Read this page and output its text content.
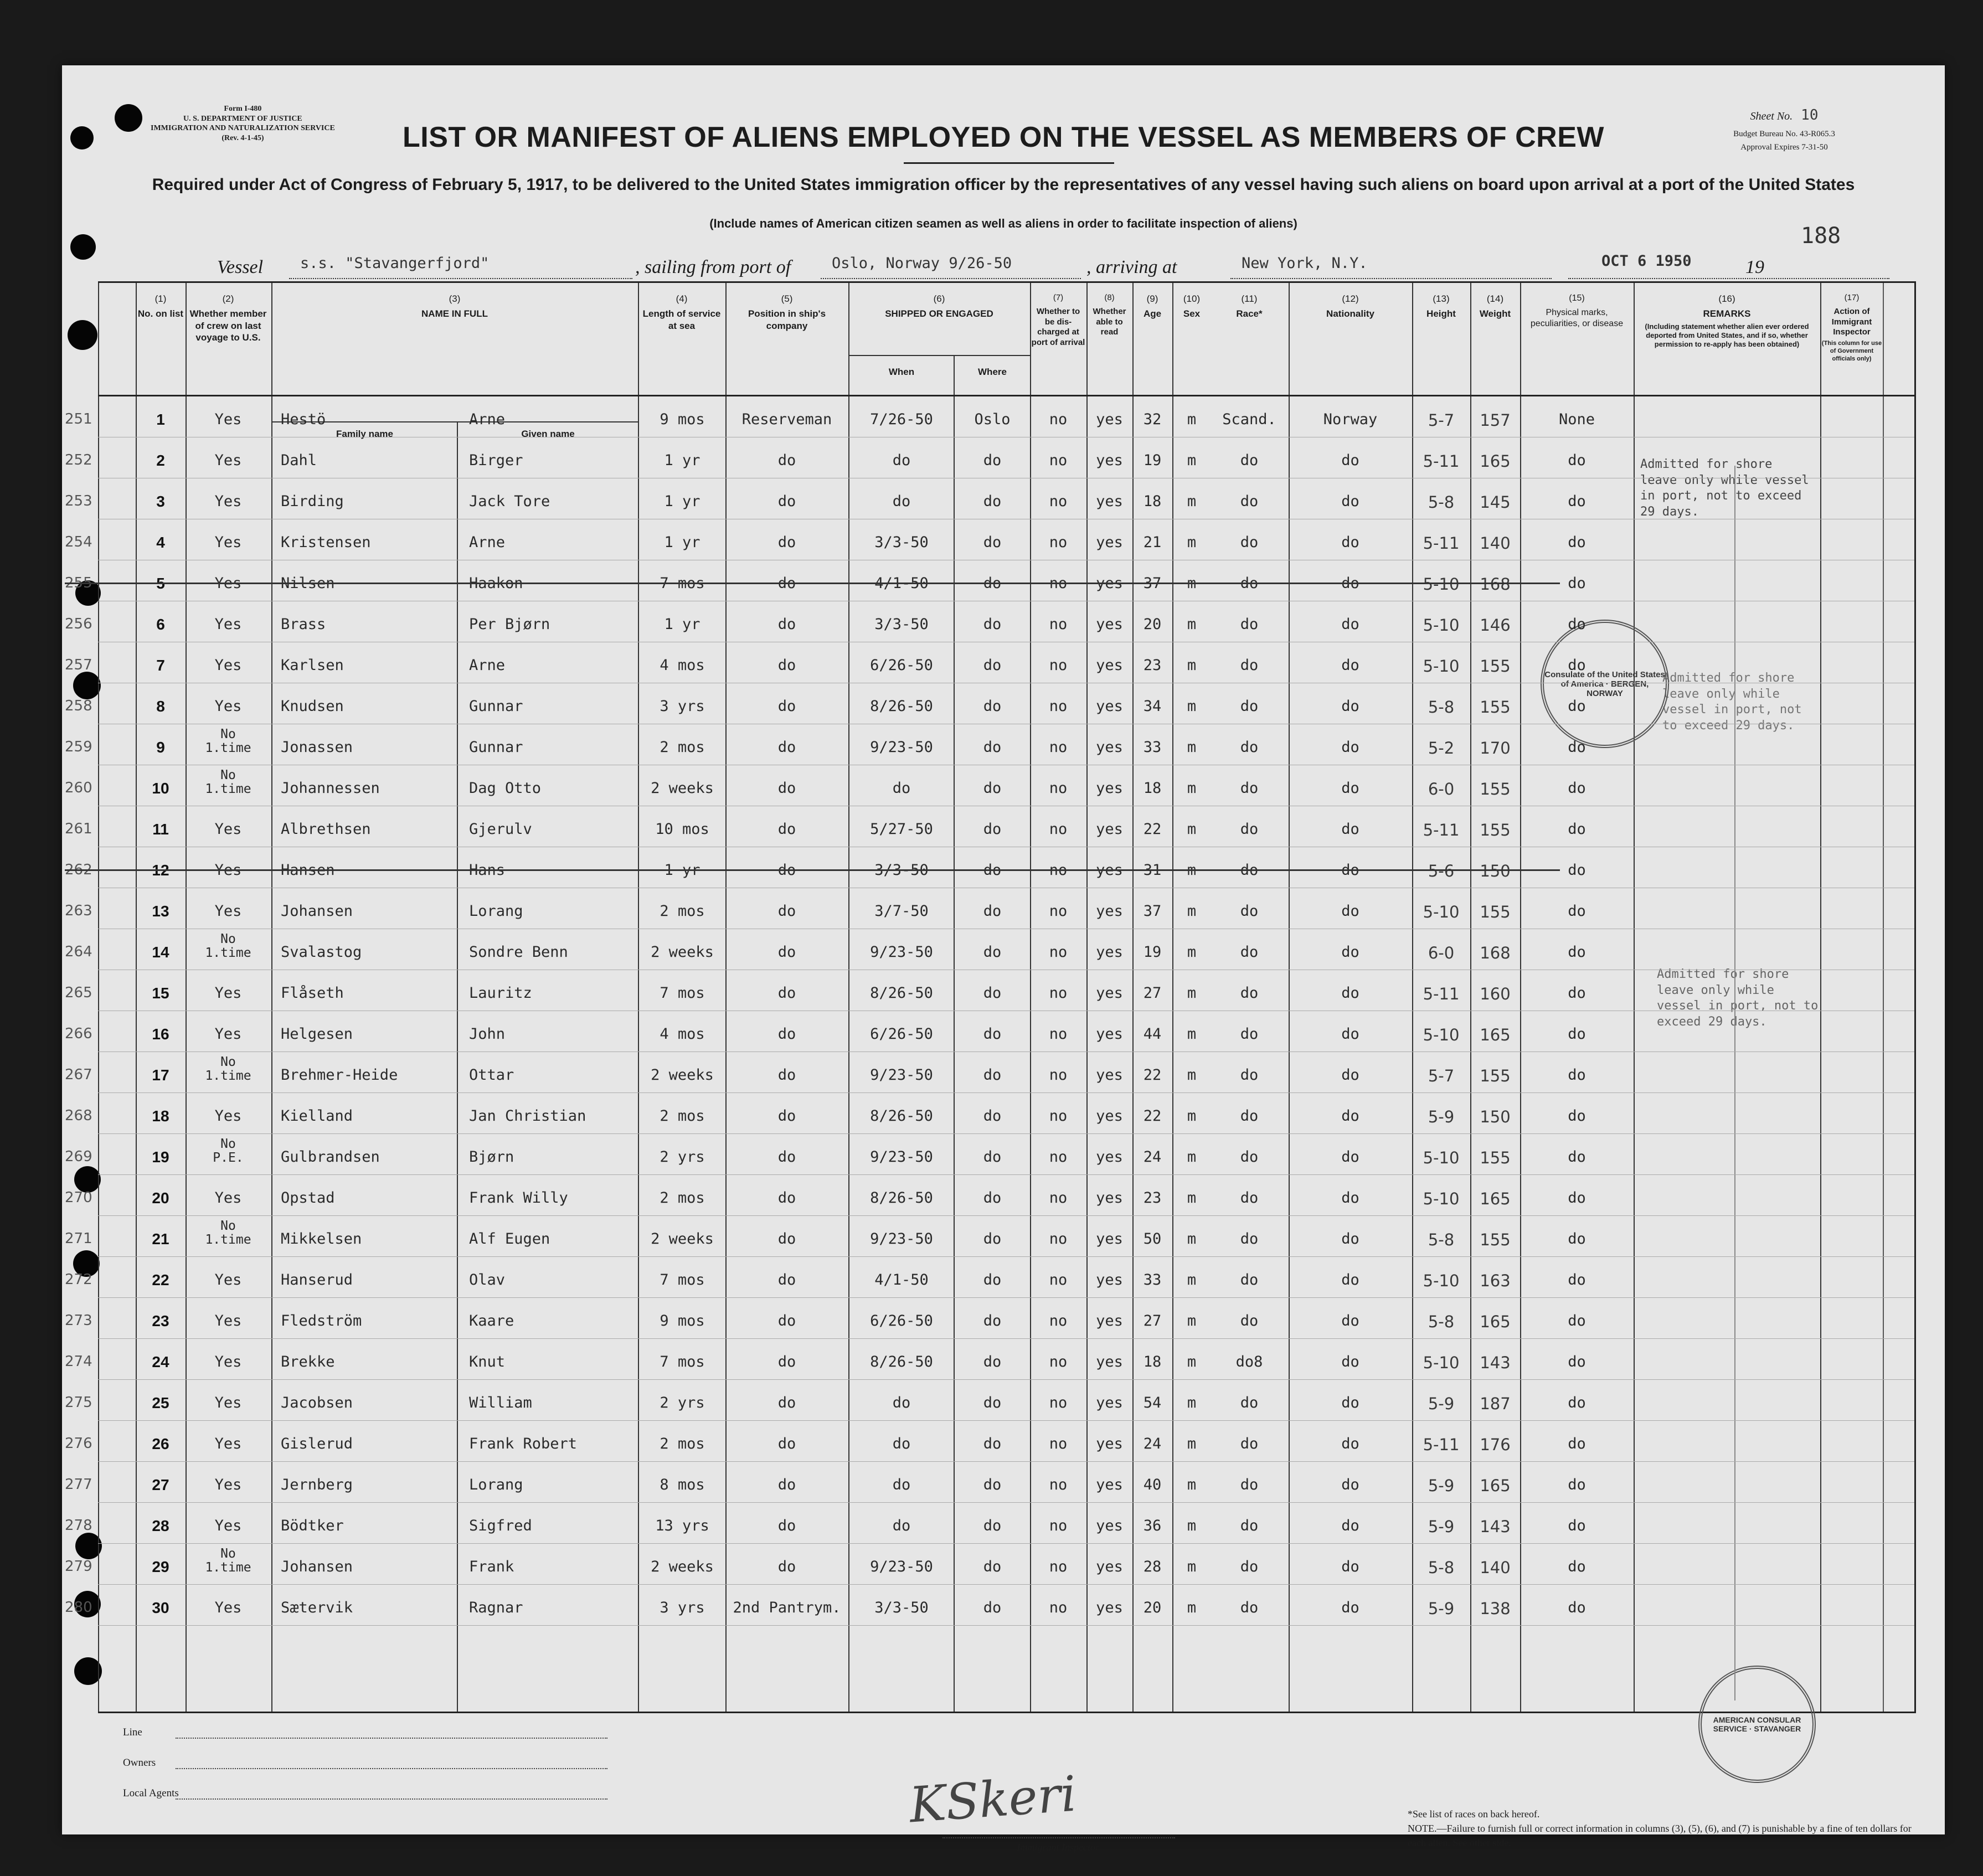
Form I-480
U. S. DEPARTMENT OF JUSTICE
IMMIGRATION AND NATURALIZATION SERVICE
(Rev. 4-1-45)
Sheet No. 10
Budget Bureau No. 43-R065.3
Approval Expires 7-31-50
LIST OR MANIFEST OF ALIENS EMPLOYED ON THE VESSEL AS MEMBERS OF CREW
Required under Act of Congress of February 5, 1917, to be delivered to the United States immigration officer by the representatives of any vessel having such aliens on board upon arrival at a port of the United States
(Include names of American citizen seamen as well as aliens in order to facilitate inspection of aliens)	188
Vessel s.s. "Stavangerfjord"	, sailing from port of	Oslo, Norway 9/26-50	, arriving at	New York, N.Y.	OCT 6 1950	19
(1)
No. on list
(2)
Whether member of crew on last voyage to U.S.
(3)
NAME IN FULL
Family name	Given name
(4)
Length of service at sea
(5)
Position in ship's company
(6)
SHIPPED OR ENGAGED
When	Where
(7)
Whether to be dis-charged at port of arrival
(8)
Whether able to read
(9)
Age
(10)
Sex
(11)
Race*
(12)
Nationality
(13)
Height
(14)
Weight
(15)
Physical marks, peculiarities, or disease
(16)
REMARKS
(Including statement whether alien ever ordered deported from United States, and if so, whether permission to re-apply has been obtained)
(17)
Action of Immigrant Inspector
(This column for use of Government officials only)
Admitted for shore leave only while vessel in port, not to exceed 29 days.
Admitted for shore leave only while vessel in port, not to exceed 29 days.
Admitted for shore leave only while vessel in port, not to exceed 29 days.
Consulate of the United States of America · BERGEN, NORWAY
AMERICAN CONSULAR SERVICE · STAVANGER
251	1	Yes	Hestö	Arne	9 mos	Reserveman	7/26-50	Oslo	no	yes	32	m	Scand.	Norway	5-7	157	None
252	2	Yes	Dahl	Birger	1 yr	do	do	do	no	yes	19	m	do	do	5-11	165	do
253	3	Yes	Birding	Jack Tore	1 yr	do	do	do	no	yes	18	m	do	do	5-8	145	do
254	4	Yes	Kristensen	Arne	1 yr	do	3/3-50	do	no	yes	21	m	do	do	5-11	140	do
255	5	Yes	Nilsen	Haakon	7 mos	do	4/1-50	do	no	yes	37	m	do	do	5-10	168	do
256	6	Yes	Brass	Per Bjørn	1 yr	do	3/3-50	do	no	yes	20	m	do	do	5-10	146	do
257	7	Yes	Karlsen	Arne	4 mos	do	6/26-50	do	no	yes	23	m	do	do	5-10	155	do
258	8	Yes	Knudsen	Gunnar	3 yrs	do	8/26-50	do	no	yes	34	m	do	do	5-8	155	do
259	9
No
1.time	Jonassen	Gunnar	2 mos	do	9/23-50	do	no	yes	33	m	do	do	5-2	170	do
260	10
No
1.time	Johannessen	Dag Otto	2 weeks	do	do	do	no	yes	18	m	do	do	6-0	155	do
261	11	Yes	Albrethsen	Gjerulv	10 mos	do	5/27-50	do	no	yes	22	m	do	do	5-11	155	do
262	12	Yes	Hansen	Hans	1 yr	do	3/3-50	do	no	yes	31	m	do	do	5-6	150	do
263	13	Yes	Johansen	Lorang	2 mos	do	3/7-50	do	no	yes	37	m	do	do	5-10	155	do
264	14
No
1.time	Svalastog	Sondre Benn	2 weeks	do	9/23-50	do	no	yes	19	m	do	do	6-0	168	do
265	15	Yes	Flåseth	Lauritz	7 mos	do	8/26-50	do	no	yes	27	m	do	do	5-11	160	do
266	16	Yes	Helgesen	John	4 mos	do	6/26-50	do	no	yes	44	m	do	do	5-10	165	do
267	17
No
1.time	Brehmer-Heide	Ottar	2 weeks	do	9/23-50	do	no	yes	22	m	do	do	5-7	155	do
268	18	Yes	Kielland	Jan Christian	2 mos	do	8/26-50	do	no	yes	22	m	do	do	5-9	150	do
269	19
No
P.E.	Gulbrandsen	Bjørn	2 yrs	do	9/23-50	do	no	yes	24	m	do	do	5-10	155	do
270	20	Yes	Opstad	Frank Willy	2 mos	do	8/26-50	do	no	yes	23	m	do	do	5-10	165	do
271	21
No
1.time	Mikkelsen	Alf Eugen	2 weeks	do	9/23-50	do	no	yes	50	m	do	do	5-8	155	do
272	22	Yes	Hanserud	Olav	7 mos	do	4/1-50	do	no	yes	33	m	do	do	5-10	163	do
273	23	Yes	Fledström	Kaare	9 mos	do	6/26-50	do	no	yes	27	m	do	do	5-8	165	do
274	24	Yes	Brekke	Knut	7 mos	do	8/26-50	do	no	yes	18	m	do8	do	5-10	143	do
275	25	Yes	Jacobsen	William	2 yrs	do	do	do	no	yes	54	m	do	do	5-9	187	do
276	26	Yes	Gislerud	Frank Robert	2 mos	do	do	do	no	yes	24	m	do	do	5-11	176	do
277	27	Yes	Jernberg	Lorang	8 mos	do	do	do	no	yes	40	m	do	do	5-9	165	do
278	28	Yes	Bödtker	Sigfred	13 yrs	do	do	do	no	yes	36	m	do	do	5-9	143	do
279	29
No
1.time	Johansen	Frank	2 weeks	do	9/23-50	do	no	yes	28	m	do	do	5-8	140	do
280	30	Yes	Sætervik	Ragnar	3 yrs	2nd Pantrym.	3/3-50	do	no	yes	20	m	do	do	5-9	138	do
Line
Owners
Local Agents	KSkeri
Immigrant Inspector.
*See list of races on back hereof.
NOTE.—Failure to furnish full or correct information in columns (3), (5), (6), and (7) is punishable by a fine of ten dollars for each alien. See other side.
